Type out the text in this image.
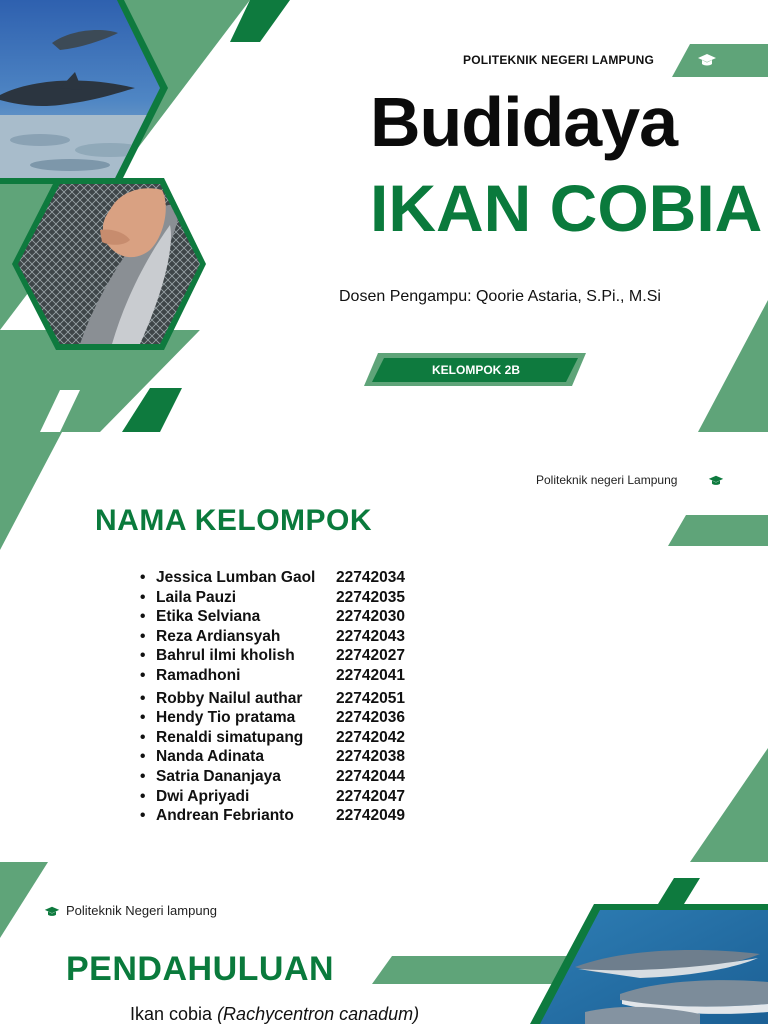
POLITEKNIK NEGERI LAMPUNG
Budidaya
IKAN COBIA
Dosen Pengampu: Qoorie Astaria, S.Pi., M.Si
KELOMPOK 2B
Politeknik negeri Lampung
NAMA KELOMPOK
• Jessica Lumban Gaol 22742034
• Laila Pauzi	22742035
• Etika Selviana	22742030
• Reza Ardiansyah	22742043
• Bahrul ilmi kholish	22742027
• Ramadhoni	22742041
• Robby Nailul authar 22742051
• Hendy Tio pratama	22742036
• Renaldi simatupang 22742042
• Nanda Adinata	22742038
• Satria Dananjaya	22742044
• Dwi Apriyadi	22742047
• Andrean Febrianto	22742049
Politeknik Negeri lampung
PENDAHULUAN
Ikan cobia (Rachycentron canadum)
